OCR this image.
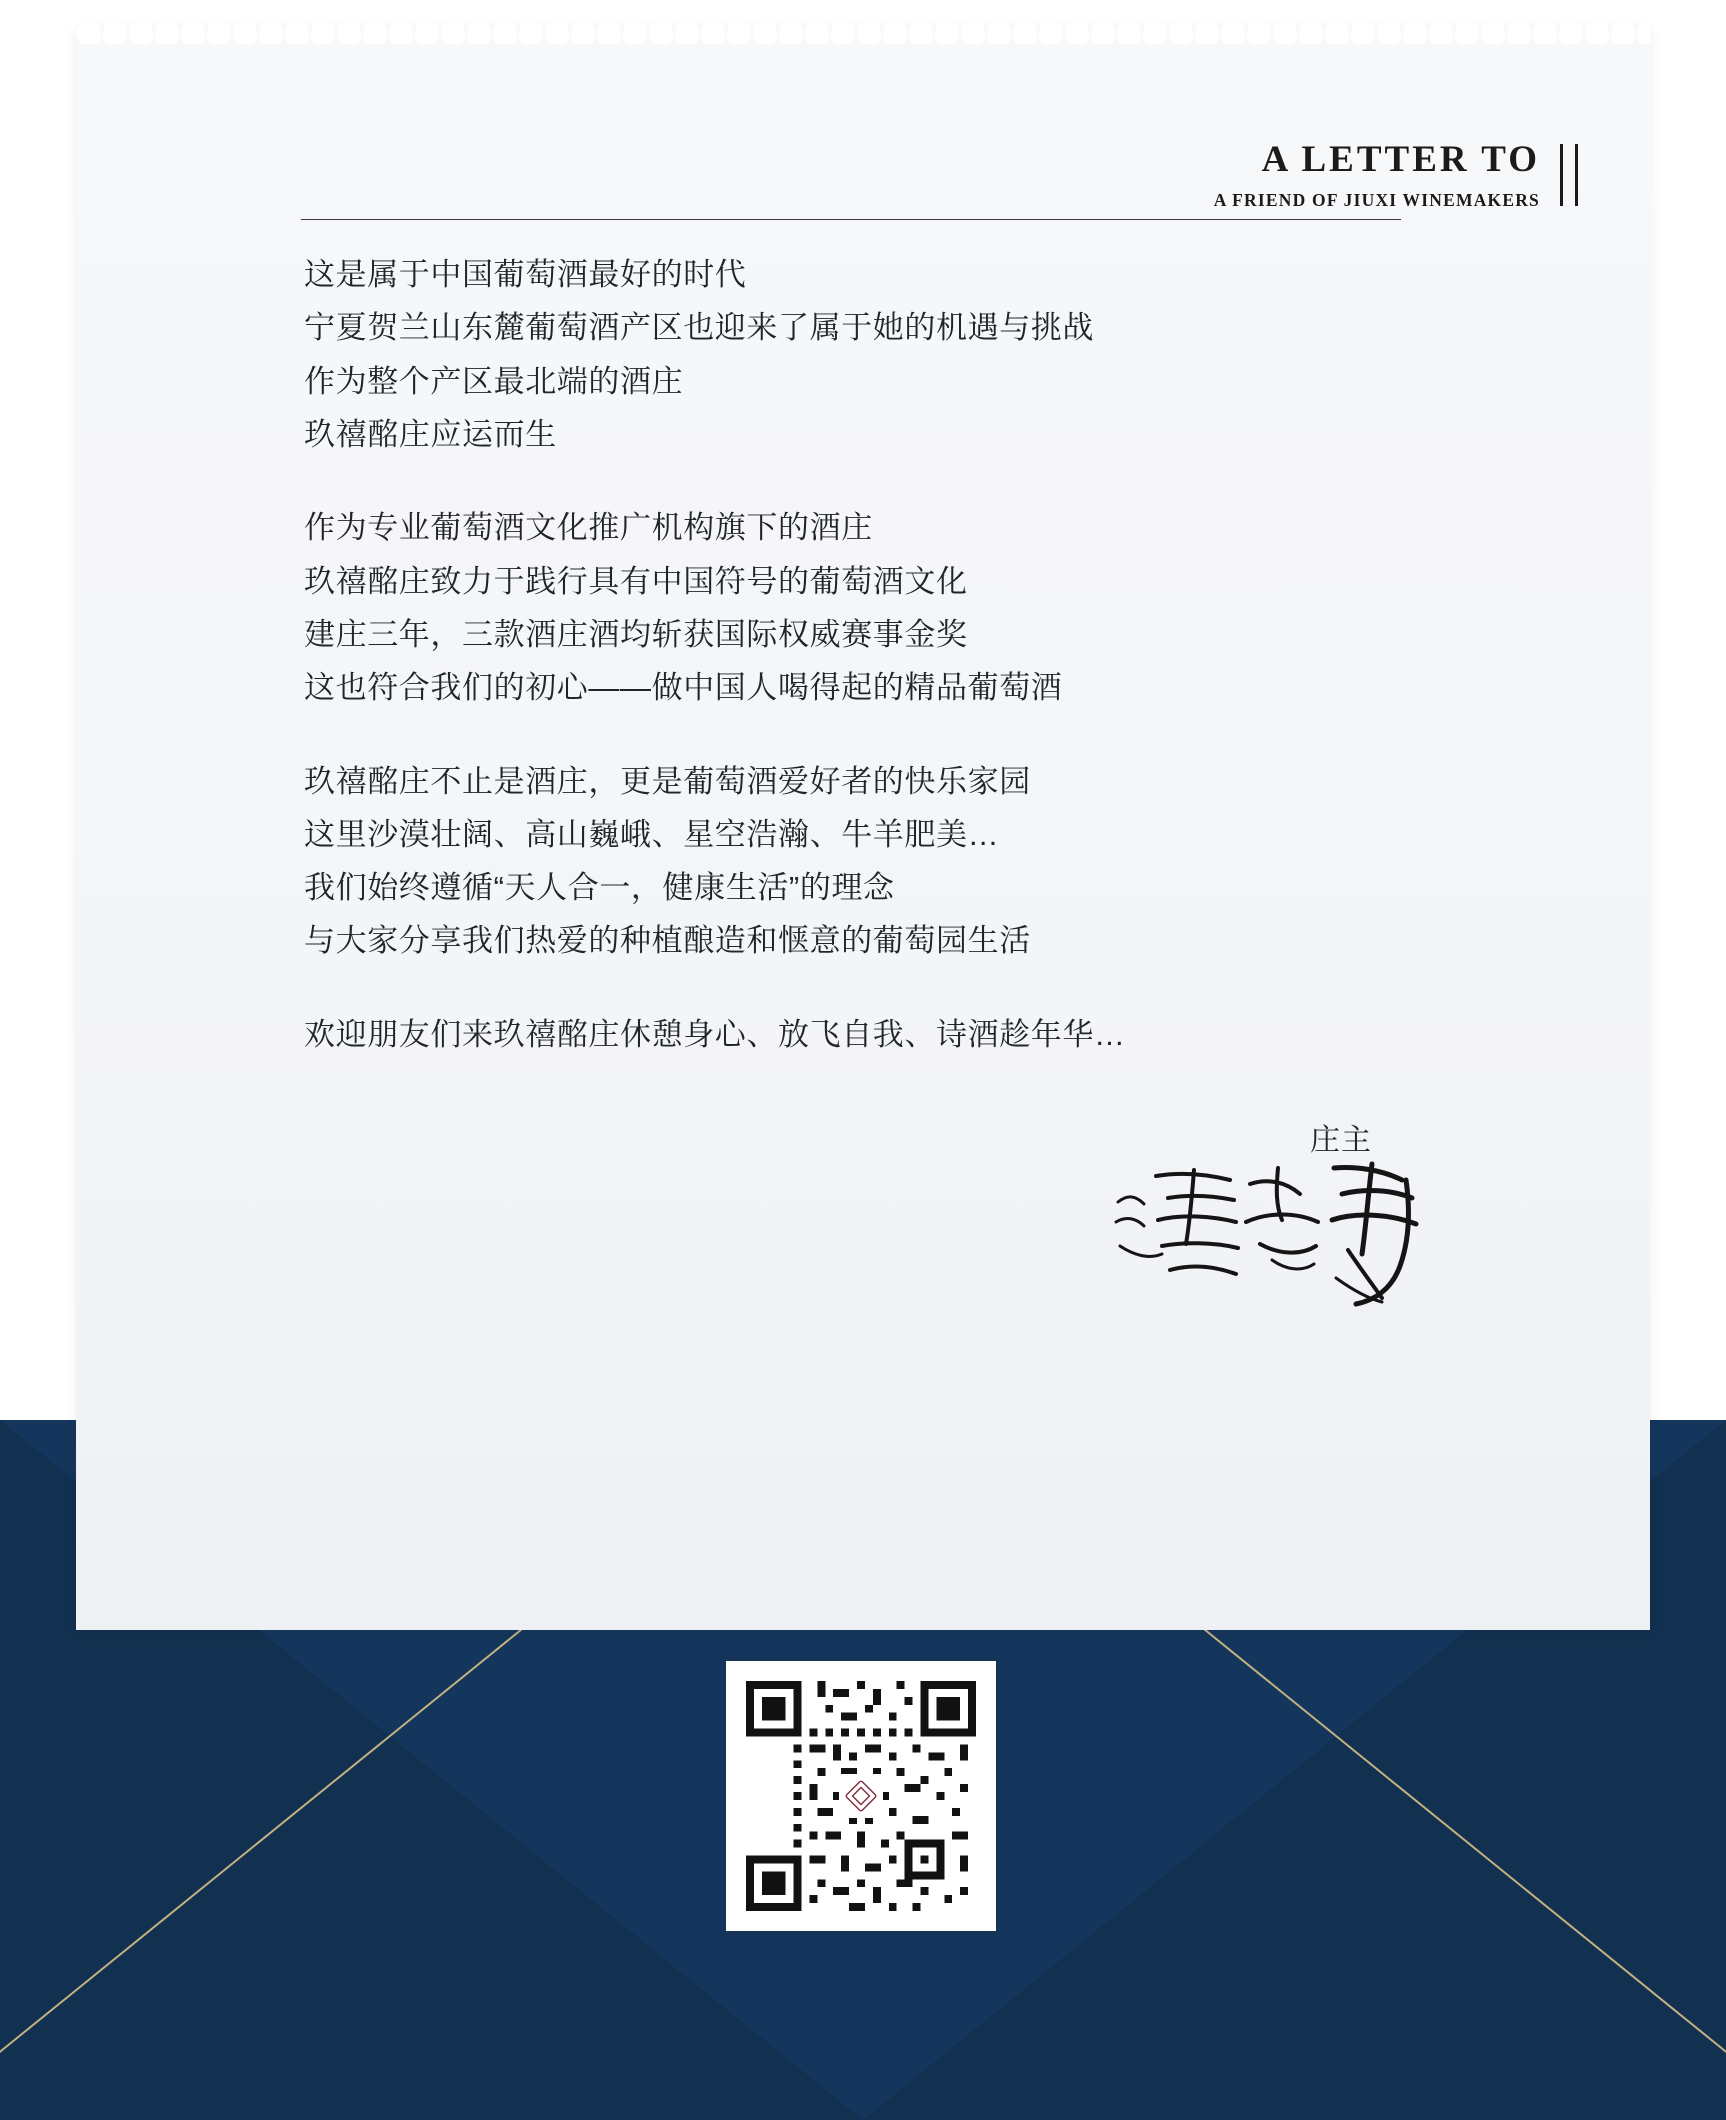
A LETTER TO
A FRIEND OF JIUXI WINEMAKERS
这是属于中国葡萄酒最好的时代
宁夏贺兰山东麓葡萄酒产区也迎来了属于她的机遇与挑战
作为整个产区最北端的酒庄
玖禧酩庄应运而生
作为专业葡萄酒文化推广机构旗下的酒庄
玖禧酩庄致力于践行具有中国符号的葡萄酒文化
建庄三年，三款酒庄酒均斩获国际权威赛事金奖
这也符合我们的初心——做中国人喝得起的精品葡萄酒
玖禧酩庄不止是酒庄，更是葡萄酒爱好者的快乐家园
这里沙漠壮阔、高山巍峨、星空浩瀚、牛羊肥美…
我们始终遵循“天人合一，健康生活”的理念
与大家分享我们热爱的种植酿造和惬意的葡萄园生活
欢迎朋友们来玖禧酩庄休憩身心、放飞自我、诗酒趁年华…
庄主
